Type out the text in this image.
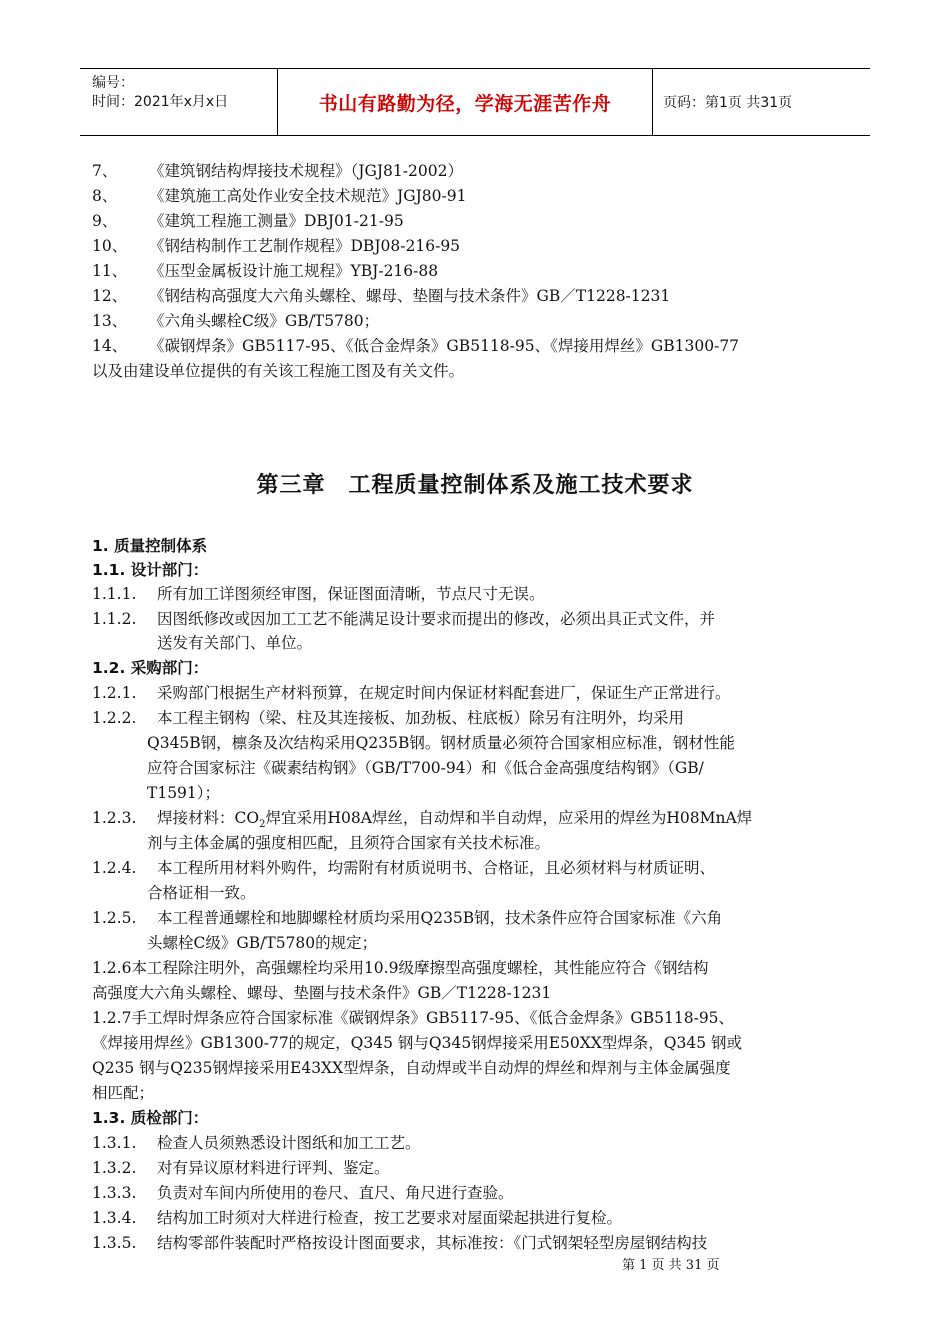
编号：
时间：2021年x月x日	书山有路勤为径，学海无涯苦作舟	页码：第1页 共31页
7、 《建筑钢结构焊接技术规程》（JGJ81-2002）
8、 《建筑施工高处作业安全技术规范》JGJ80-91
9、 《建筑工程施工测量》DBJ01-21-95
10、 《钢结构制作工艺制作规程》DBJ08-216-95
11、 《压型金属板设计施工规程》YBJ-216-88
12、 《钢结构高强度大六角头螺栓、螺母、垫圈与技术条件》GB／T1228-1231
13、 《六角头螺栓C级》GB/T5780；
14、 《碳钢焊条》GB5117-95、《低合金焊条》GB5118-95、《焊接用焊丝》GB1300-77
以及由建设单位提供的有关该工程施工图及有关文件。
第三章　工程质量控制体系及施工技术要求
1. 质量控制体系
1.1. 设计部门：
1.1.1. 所有加工详图须经审图，保证图面清晰，节点尺寸无误。
1.1.2. 因图纸修改或因加工工艺不能满足设计要求而提出的修改，必须出具正式文件，并
送发有关部门、单位。
1.2. 采购部门：
1.2.1. 采购部门根据生产材料预算，在规定时间内保证材料配套进厂，保证生产正常进行。
1.2.2. 本工程主钢构（梁、柱及其连接板、加劲板、柱底板）除另有注明外，均采用
Q345B钢，檩条及次结构采用Q235B钢。钢材质量必须符合国家相应标准，钢材性能
应符合国家标注《碳素结构钢》（GB/T700-94）和《低合金高强度结构钢》（GB/
T1591）；
1.2.3. 焊接材料：$CO_2$焊宜采用H08A焊丝，自动焊和半自动焊，应采用的焊丝为H08MnA焊
剂与主体金属的强度相匹配，且须符合国家有关技术标准。
1.2.4. 本工程所用材料外购件，均需附有材质说明书、合格证，且必须材料与材质证明、
合格证相一致。
1.2.5. 本工程普通螺栓和地脚螺栓材质均采用Q235B钢，技术条件应符合国家标准《六角
头螺栓C级》GB/T5780的规定；
1.2.6本工程除注明外，高强螺栓均采用10.9级摩擦型高强度螺栓，其性能应符合《钢结构
高强度大六角头螺栓、螺母、垫圈与技术条件》GB／T1228-1231
1.2.7手工焊时焊条应符合国家标准《碳钢焊条》GB5117-95、《低合金焊条》GB5118-95、
《焊接用焊丝》GB1300-77的规定，Q345 钢与Q345钢焊接采用E50XX型焊条，Q345 钢或
Q235 钢与Q235钢焊接采用E43XX型焊条，自动焊或半自动焊的焊丝和焊剂与主体金属强度
相匹配；
1.3. 质检部门：
1.3.1. 检查人员须熟悉设计图纸和加工工艺。
1.3.2. 对有异议原材料进行评判、鉴定。
1.3.3. 负责对车间内所使用的卷尺、直尺、角尺进行查验。
1.3.4. 结构加工时须对大样进行检查，按工艺要求对屋面梁起拱进行复检。
1.3.5. 结构零部件装配时严格按设计图面要求，其标准按：《门式钢架轻型房屋钢结构技
第 1 页 共 31 页
